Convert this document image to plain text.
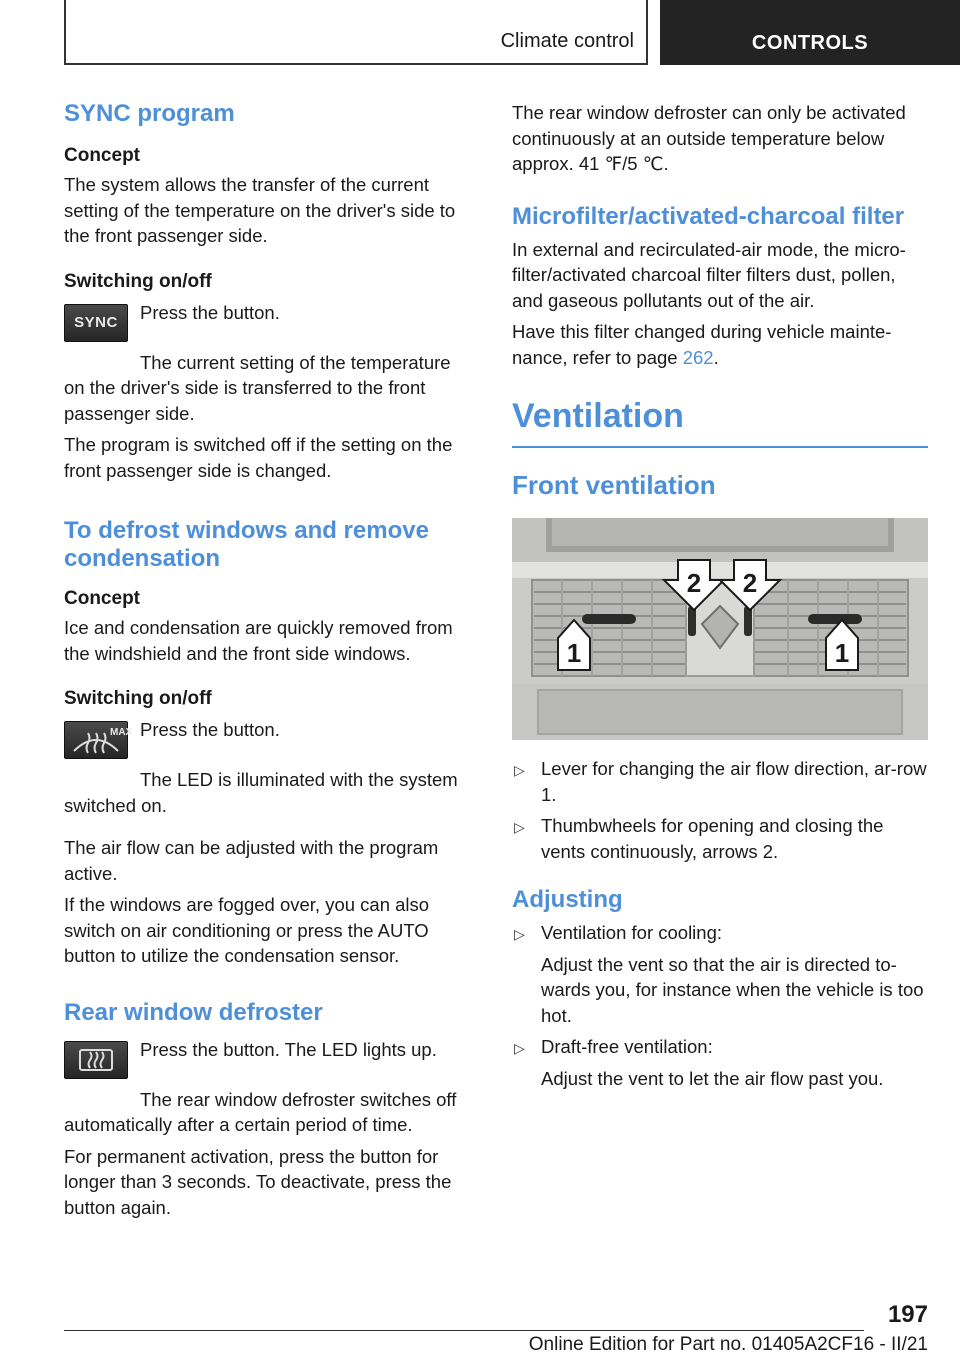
Climate control	CONTROLS
SYNC program
Concept
The system allows the transfer of the current setting of the temperature on the driver's side to the front passenger side.
Switching on/off
SYNC Press the button.
The current setting of the temperature on the driver's side is transferred to the front passenger side.
The program is switched off if the setting on the front passenger side is changed.
To defrost windows and remove condensation
Concept
Ice and condensation are quickly removed from the windshield and the front side windows.
Switching on/off
MAX Press the button.
The LED is illuminated with the system switched on.
The air flow can be adjusted with the program active.
If the windows are fogged over, you can also switch on air conditioning or press the AUTO button to utilize the condensation sensor.
Rear window defroster
Press the button. The LED lights up.
The rear window defroster switches off automatically after a certain period of time.
For permanent activation, press the button for longer than 3 seconds. To deactivate, press the button again.
The rear window defroster can only be activated continuously at an outside temperature below approx. 41 ℉/5 ℃.
Microfilter/activated-charcoal filter
In external and recirculated-air mode, the micro‐filter/activated charcoal filter filters dust, pollen, and gaseous pollutants out of the air.
Have this filter changed during vehicle mainte‐nance, refer to page 262.
Ventilation
Front ventilation
1	1
2 2
▷ Lever for changing the air flow direction, ar‐row 1.
▷ Thumbwheels for opening and closing the vents continuously, arrows 2.
Adjusting
▷ Ventilation for cooling:
Adjust the vent so that the air is directed to‐wards you, for instance when the vehicle is too hot.
▷ Draft-free ventilation:
Adjust the vent to let the air flow past you.
197
Online Edition for Part no. 01405A2CF16 - II/21
